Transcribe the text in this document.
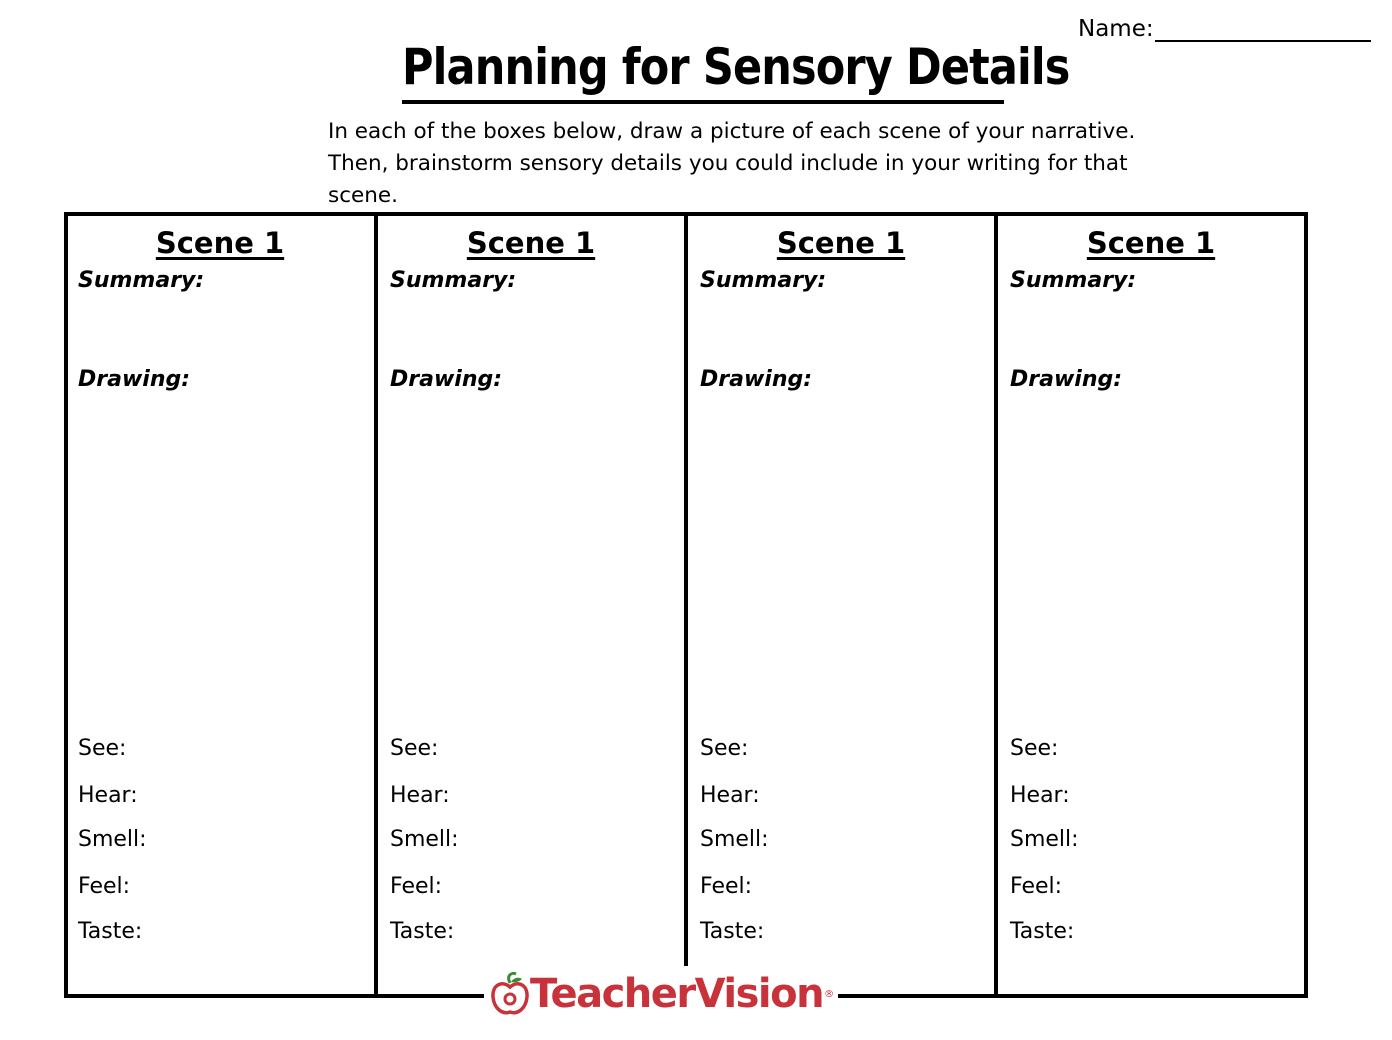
Name:
Planning for Sensory Details

In each of the boxes below, draw a picture of each scene of your narrative. Then, brainstorm sensory details you could include in your writing for that scene.

Scene 1
Summary:
Drawing:
See:
Hear:
Smell:
Feel:
Taste:
Scene 1
Summary:
Drawing:
See:
Hear:
Smell:
Feel:
Taste:
Scene 1
Summary:
Drawing:
See:
Hear:
Smell:
Feel:
Taste:
Scene 1
Summary:
Drawing:
See:
Hear:
Smell:
Feel:
Taste:
TeacherVision ®
